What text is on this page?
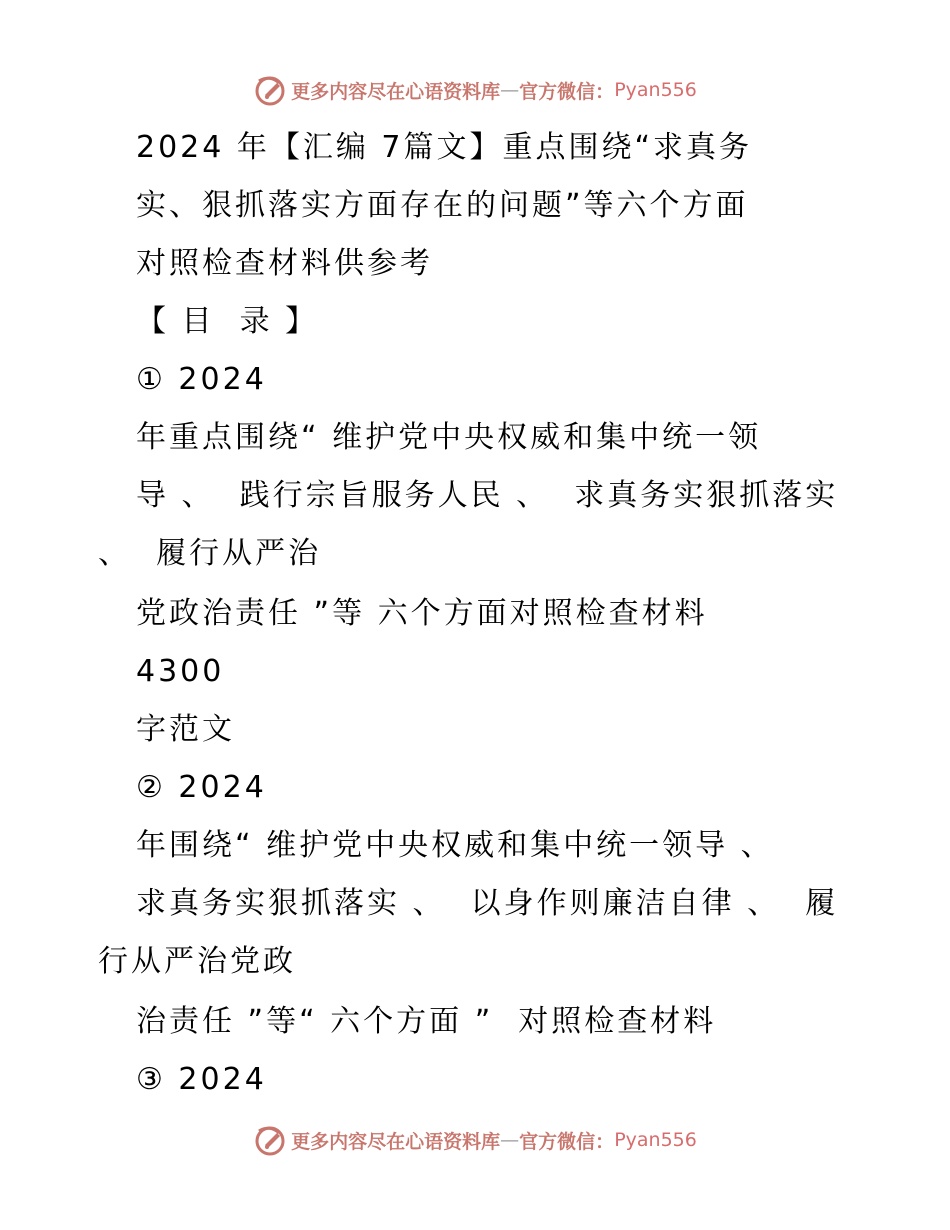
更多内容尽在心语资料库 — 官方微信： Pyan556
2024 年【汇编 7篇文】重点围绕“求真务
实、狠抓落实方面存在的问题”等六个方面
对照检查材料供参考
【 目  录 】
① 2024
年重点围绕“ 维护党中央权威和集中统一领
导 、  践行宗旨服务人民 、  求真务实狠抓落实
、  履行从严治
党政治责任 ”等 六个方面对照检查材料
4300
字范文
② 2024
年围绕“ 维护党中央权威和集中统一领导 、
求真务实狠抓落实 、  以身作则廉洁自律 、  履
行从严治党政
治责任 ”等“ 六个方面 ”  对照检查材料
③ 2024
更多内容尽在心语资料库 — 官方微信： Pyan556
